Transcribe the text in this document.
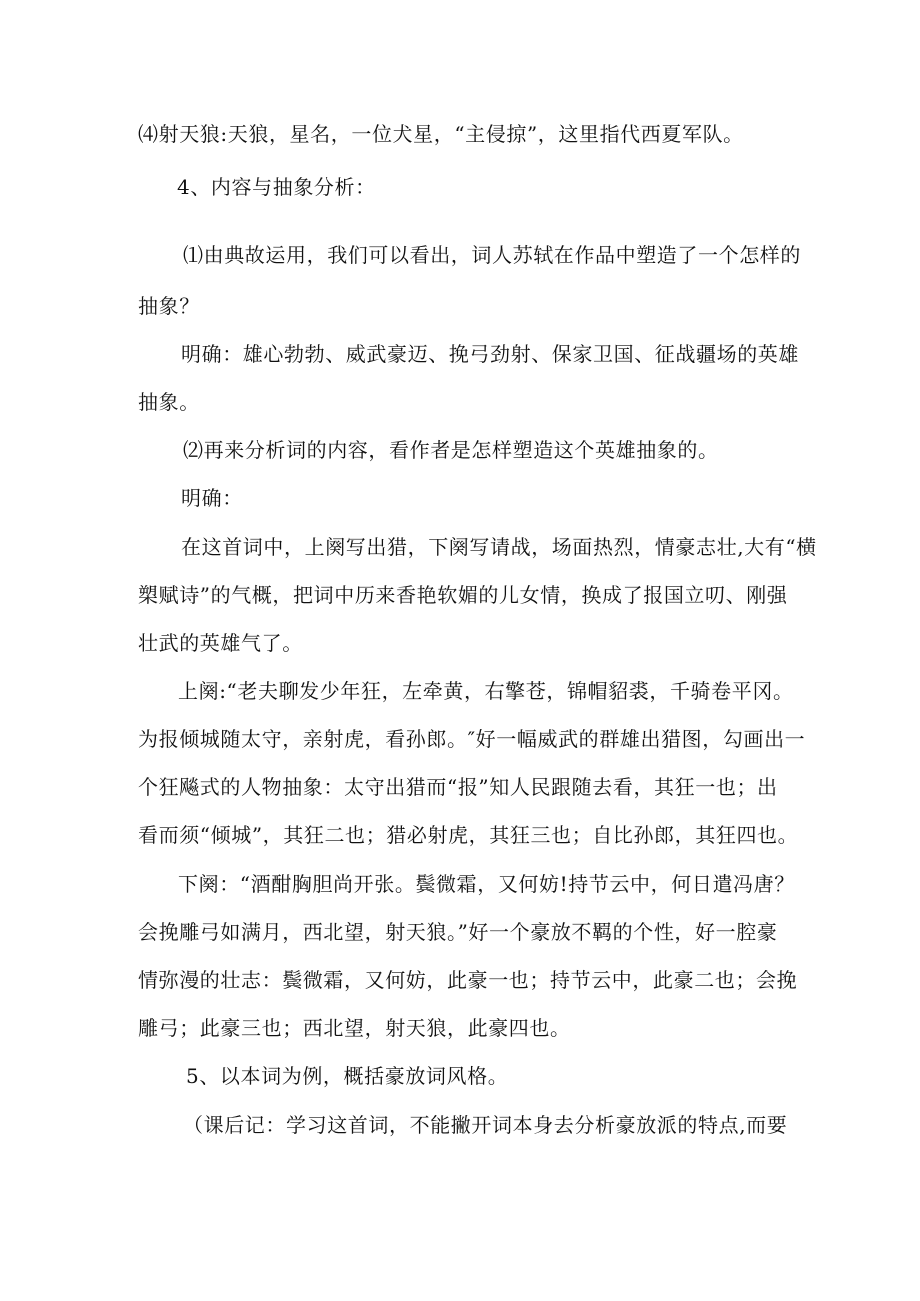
⑷射天狼:天狼，星名，一位犬星，“主侵掠”，这里指代西夏军队。
4、内容与抽象分析：
⑴由典故运用，我们可以看出，词人苏轼在作品中塑造了一个怎样的
抽象？
明确：雄心勃勃、威武豪迈、挽弓劲射、保家卫国、征战疆场的英雄
抽象。
⑵再来分析词的内容，看作者是怎样塑造这个英雄抽象的。
明确：
在这首词中，上阕写出猎，下阕写请战，场面热烈，情豪志壮,大有“横
槊赋诗”的气概，把词中历来香艳软媚的儿女情，换成了报国立叨、刚强
壮武的英雄气了。
上阕:“老夫聊发少年狂，左牵黄，右擎苍，锦帽貂裘，千骑卷平冈。
为报倾城随太守，亲射虎，看孙郎。″好一幅威武的群雄出猎图，勾画出一
个狂飚式的人物抽象：太守出猎而“报”知人民跟随去看，其狂一也；出
看而须“倾城”，其狂二也；猎必射虎，其狂三也；自比孙郎，其狂四也。
下阕：“酒酣胸胆尚开张。鬓微霜，又何妨!持节云中，何日遣冯唐？
会挽雕弓如满月，西北望，射天狼。”好一个豪放不羁的个性，好一腔豪
情弥漫的壮志：鬓微霜，又何妨，此豪一也；持节云中，此豪二也；会挽
雕弓；此豪三也；西北望，射天狼，此豪四也。
5、以本词为例，概括豪放词风格。
（课后记：学习这首词，不能撇开词本身去分析豪放派的特点,而要
